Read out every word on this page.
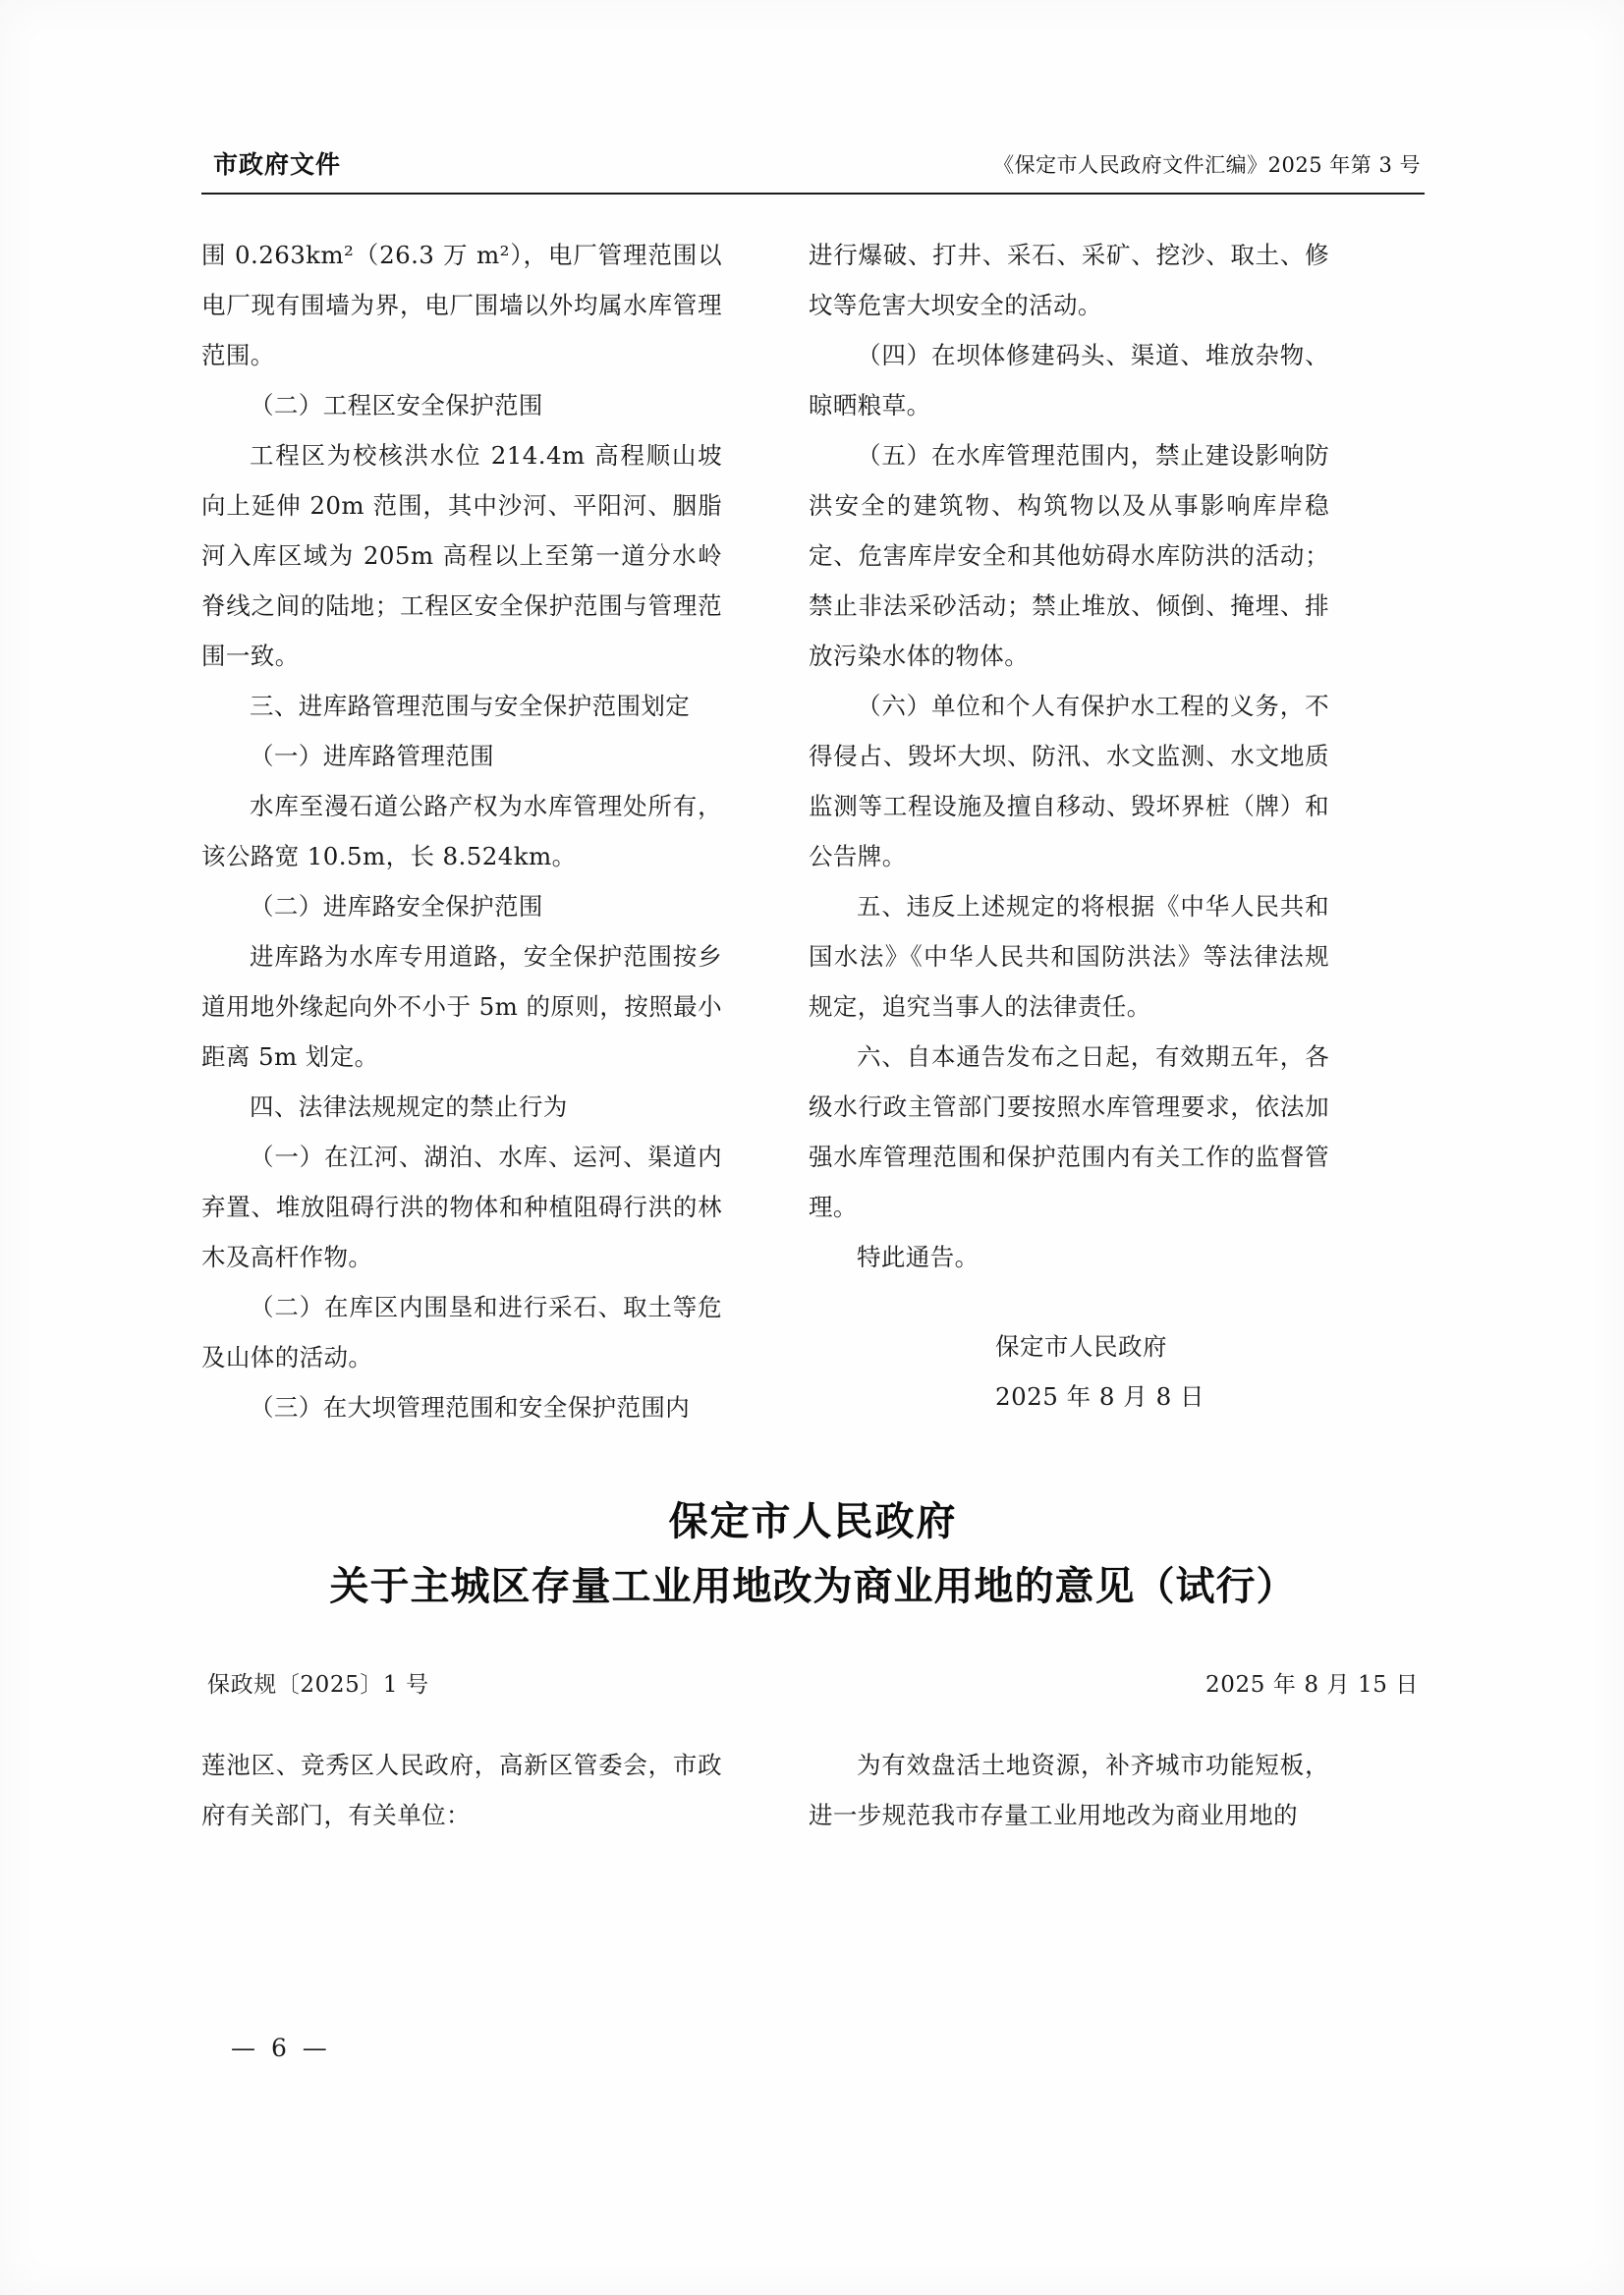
市政府文件	《保定市人民政府文件汇编》2025 年第 3 号

围 0.263km²（26.3 万 m²），电厂管理范围以电厂现有围墙为界，电厂围墙以外均属水库管理范围。

（二）工程区安全保护范围

工程区为校核洪水位 214.4m 高程顺山坡向上延伸 20m 范围，其中沙河、平阳河、胭脂河入库区域为 205m 高程以上至第一道分水岭脊线之间的陆地；工程区安全保护范围与管理范围一致。

三、进库路管理范围与安全保护范围划定

（一）进库路管理范围

水库至漫石道公路产权为水库管理处所有，该公路宽 10.5m，长 8.524km。

（二）进库路安全保护范围

进库路为水库专用道路，安全保护范围按乡道用地外缘起向外不小于 5m 的原则，按照最小距离 5m 划定。

四、法律法规规定的禁止行为

（一）在江河、湖泊、水库、运河、渠道内弃置、堆放阻碍行洪的物体和种植阻碍行洪的林木及高杆作物。

（二）在库区内围垦和进行采石、取土等危及山体的活动。

（三）在大坝管理范围和安全保护范围内

进行爆破、打井、采石、采矿、挖沙、取土、修坟等危害大坝安全的活动。

（四）在坝体修建码头、渠道、堆放杂物、晾晒粮草。

（五）在水库管理范围内，禁止建设影响防洪安全的建筑物、构筑物以及从事影响库岸稳定、危害库岸安全和其他妨碍水库防洪的活动；禁止非法采砂活动；禁止堆放、倾倒、掩埋、排放污染水体的物体。

（六）单位和个人有保护水工程的义务，不得侵占、毁坏大坝、防汛、水文监测、水文地质监测等工程设施及擅自移动、毁坏界桩（牌）和公告牌。

五、违反上述规定的将根据《中华人民共和国水法》《中华人民共和国防洪法》等法律法规规定，追究当事人的法律责任。

六、自本通告发布之日起，有效期五年，各级水行政主管部门要按照水库管理要求，依法加强水库管理范围和保护范围内有关工作的监督管理。

特此通告。

保定市人民政府
2025 年 8 月 8 日
保定市人民政府
关于主城区存量工业用地改为商业用地的意见（试行）
保政规〔2025〕1 号	2025 年 8 月 15 日

莲池区、竞秀区人民政府，高新区管委会，市政府有关部门，有关单位：

为有效盘活土地资源，补齐城市功能短板，进一步规范我市存量工业用地改为商业用地的

— 6 —
